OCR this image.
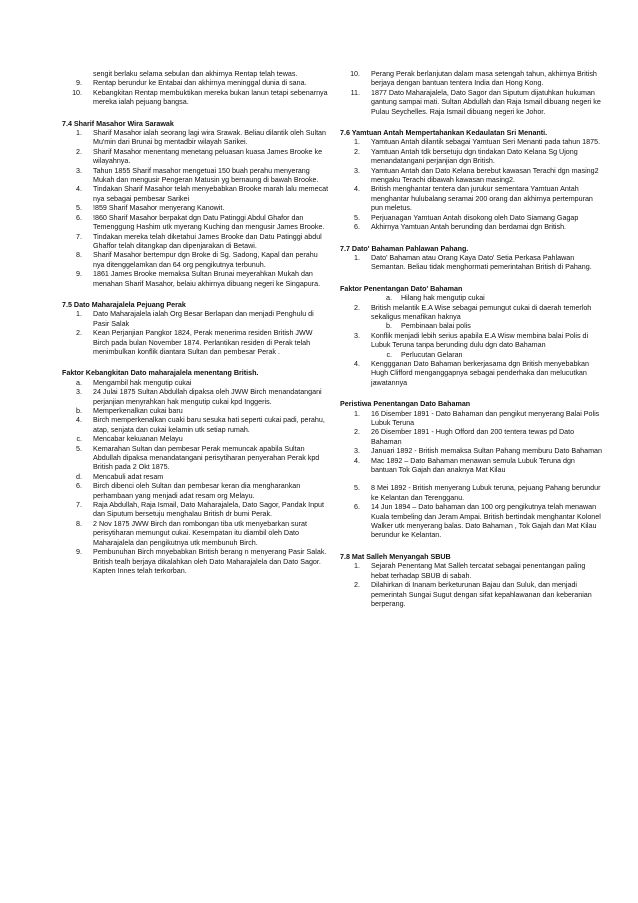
sengit berlaku selama sebulan dan akhirnya Rentap telah tewas.
9.	Rentap berundur ke Entabai dan akhirnya meninggal dunia di sana.
10.	Kebangkitan Rentap membuktikan mereka bukan lanun tetapi sebenarnya mereka ialah pejuang bangsa.
7.4 Sharif Masahor Wira Sarawak
1.	Sharif Masahor ialah seorang lagi wira Srawak. Beliau dilantik oleh Sultan Mu'min dari Brunai bg mentadbir wilayah Sarikei.
2.	Sharif Masahor menentang menetang peluasan kuasa James Brooke ke wilayahnya.
3.	Tahun 1855 Sharif masahor mengetuai 150 buah perahu menyerang Mukah dan mengusir Pengeran Matusin yg bernaung di bawah Brooke.
4.	Tindakan Sharif Masahor telah menyebabkan Brooke marah lalu memecat nya sebagai pembesar Sarikei
5.	!859 Sharif Masahor menyerang Kanowit.
6.	!860 Sharif Masahor berpakat dgn Datu Patinggi Abdul Ghafor dan Temenggung Hashim utk myerang Kuching dan mengusir James Brooke.
7.	Tindakan mereka telah diketahui James Brooke dan Datu Patinggi abdul Ghaffor telah ditangkap dan dipenjarakan di Betawi.
8.	Sharif Masahor bertempur dgn Broke di Sg. Sadong, Kapal dan perahu nya ditenggelamkan dan 64 org pengikutnya terbunuh.
9.	1861 James Brooke memaksa Sultan Brunai meyerahkan Mukah dan menahan Sharif Masahor, belaiu akhirnya dibuang negeri ke Singapura.
7.5 Dato Maharajalela Pejuang Perak
1.	Dato Maharajalela ialah Org Besar Berlapan dan menjadi Penghulu di Pasir Salak
2.	Kean Perjanjian Pangkor 1824, Perak menerima residen British JWW Birch pada bulan November 1874. Perlantikan residen di Perak telah menimbulkan konflik diantara Sultan dan pembesar Perak .
Faktor Kebangkitan Dato maharajalela menentang British.
a.	Mengambil hak mengutip cukai
3.	24 Julai 1875 Sultan Abdullah dipaksa oleh JWW Birch menandatangani perjanjian menyrahkan hak mengutip cukai kpd Inggeris.
b.	Memperkenalkan cukai baru
4.	Birch memperkenalkan cuaki baru sesuka hati seperti cukai padi, perahu, atap, senjata dan cukai kelamin utk setiap rumah.
c.	Mencabar kekuanan Melayu
5.	Kemarahan Sultan dan pembesar Perak memuncak apabila Sultan Abdullah dipaksa menandatangani perisytiharan penyerahan Perak kpd British pada 2 Okt 1875.
d.	Mencabuli adat resam
6.	Birch dibenci oleh Sultan dan pembesar keran dia mengharankan perhambaan yang menjadi adat resam org Melayu.
7.	Raja Abdullah, Raja Ismail, Dato Maharajalela, Dato Sagor, Pandak Input dan Siputum bersetuju menghalau British dr bumi Perak.
8.	2 Nov 1875 JWW Birch dan rombongan tiba utk menyebarkan surat perisytiharan memungut cukai. Kesempatan itu diambil oleh Dato Maharajalela dan pengikutnya utk membunuh Birch.
9.	Pembunuhan Birch mnyebabkan British berang n menyerang Pasir Salak. British tealh berjaya dikalahkan oleh Dato Maharajalela dan Dato Sagor. Kapten Innes telah terkorban.
10.	Perang Perak berlanjutan dalam masa setengah tahun, akhirnya British berjaya dengan bantuan tentera India dan Hong Kong.
11.	1877 Dato Maharajalela, Dato Sagor dan Siputum dijatuhkan hukuman gantung sampai mati. Sultan Abdullah dan Raja Ismail dibuang negeri ke Pulau Seychelles. Raja Ismail dibuang negeri ke Johor.
7.6 Yamtuan Antah Mempertahankan Kedaulatan Sri Menanti.
1.	Yamtuan Antah dilantik sebagai Yamtuan Seri Menanti pada tahun 1875.
2.	Yamtuan Antah tdk bersetuju dgn tindakan Dato Kelana Sg Ujong menandatangani perjanjian dgn British.
3.	Yamtuan Antah dan Dato Kelana berebut kawasan Terachi dgn masing2 mengaku Terachi dibawah kawasan masing2.
4.	British menghantar tentera dan jurukur sementara Yamtuan Antah menghantar hulubalang seramai 200 orang dan akhirnya pertempuran pun meletus.
5.	Perjuanagan Yamtuan Antah disokong oleh Dato Siamang Gagap
6.	Akhirnya Yamtuan Antah berunding dan berdamai dgn British.
7.7 Dato' Bahaman Pahlawan Pahang.
1.	Dato' Bahaman atau Orang Kaya Dato' Setia Perkasa Pahlawan Semantan. Beliau tidak menghormati pemerintahan British di Pahang.
Faktor Penentangan Dato' Bahaman
a.	Hilang hak mengutip cukai
2.	British melantik E.A Wise sebagai pemungut cukai di daerah temerloh sekaligus menafikan haknya
b.	Pembinaan balai polis
3.	Konflik menjadi lebih serius apabila E.A Wisw membina balai Polis di Lubuk Teruna tanpa berunding dulu dgn dato Bahaman
c.	Perlucutan Gelaran
4.	Kenggganan Dato Bahaman berkerjasama dgn British menyebabkan Hugh Clifford menganggapnya sebagai penderhaka dan melucutkan jawatannya
Peristiwa Penentangan Dato Bahaman
1.	16 Disember 1891 - Dato Bahaman dan pengikut menyerang Balai Polis Lubuk Teruna
2.	26 Disember 1891 - Hugh Offord dan 200 tentera tewas pd Dato Bahaman
3.	Januari 1892 - British memaksa Sultan Pahang memburu Dato Bahaman
4.	Mac 1892 – Dato Bahaman menawan semula Lubuk Teruna dgn bantuan Tok Gajah dan anaknya Mat Kilau
5.	8 Mei 1892 - British menyerang Lubuk teruna, pejuang Pahang berundur ke Kelantan dan Terengganu.
6.	14 Jun 1894 – Dato bahaman dan 100 org pengikutnya telah menawan Kuala tembeling dan Jeram Ampai. British bertindak menghantar Kolonel Walker utk menyerang balas. Dato Bahaman , Tok Gajah dan Mat Kilau berundur ke Kelantan.
7.8 Mat Salleh Menyangah SBUB
1.	Sejarah Penentang Mat Salleh tercatat sebagai penentangan paling hebat terhadap SBUB di sabah.
2.	Dilahirkan di Inanam berketurunan Bajau dan Suluk, dan menjadi pemerintah Sungai Sugut dengan sifat kepahlawanan dan keberanian berperang.
